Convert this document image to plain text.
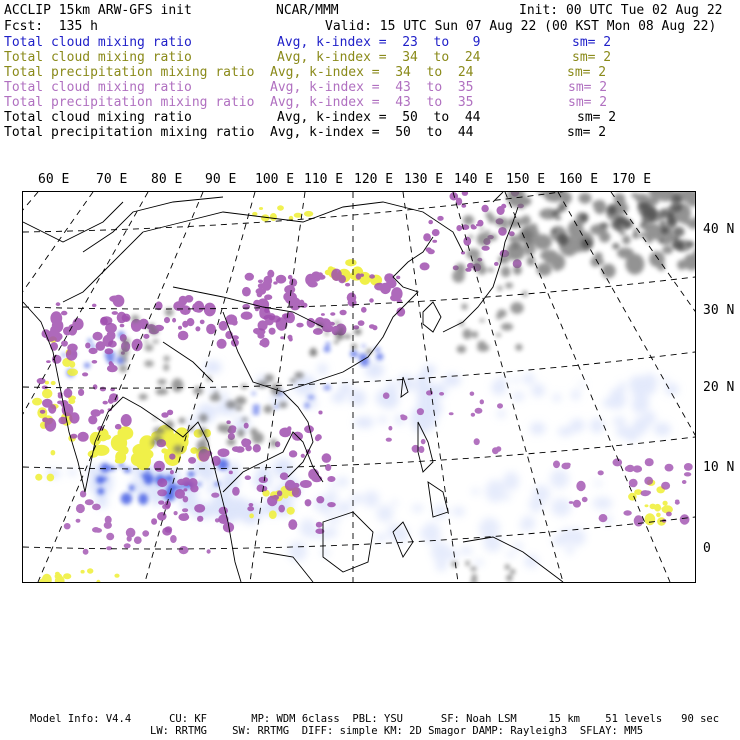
ACCLIP 15km ARW-GFS init	NCAR/MMM	Init: 00 UTC Tue 02 Aug 22
Fcst:  135 h	Valid: 15 UTC Sun 07 Aug 22 (00 KST Mon 08 Aug 22)
Total cloud mixing ratio	Avg, k-index =  23  to   9	sm= 2
Total cloud mixing ratio	Avg, k-index =  34  to  24	sm= 2
Total precipitation mixing ratio Avg, k-index =  34  to  24	sm= 2
Total cloud mixing ratio	Avg, k-index =  43  to  35	sm= 2
Total precipitation mixing ratio Avg, k-index =  43  to  35	sm= 2
Total cloud mixing ratio	Avg, k-index =  50  to  44	sm= 2
Total precipitation mixing ratio Avg, k-index =  50  to  44	sm= 2
60 E 70 E 80 E 90 E 100 E 110 E 120 E 130 E 140 E 150 E 160 E 170 E
40 N
30 N
20 N
10 N
0
Model Info: V4.4      CU: KF       MP: WDM 6class  PBL: YSU      SF: Noah LSM     15 km    51 levels   90 sec
LW: RRTMG    SW: RRTMG  DIFF: simple KM: 2D Smagor DAMP: Rayleigh3  SFLAY: MM5
